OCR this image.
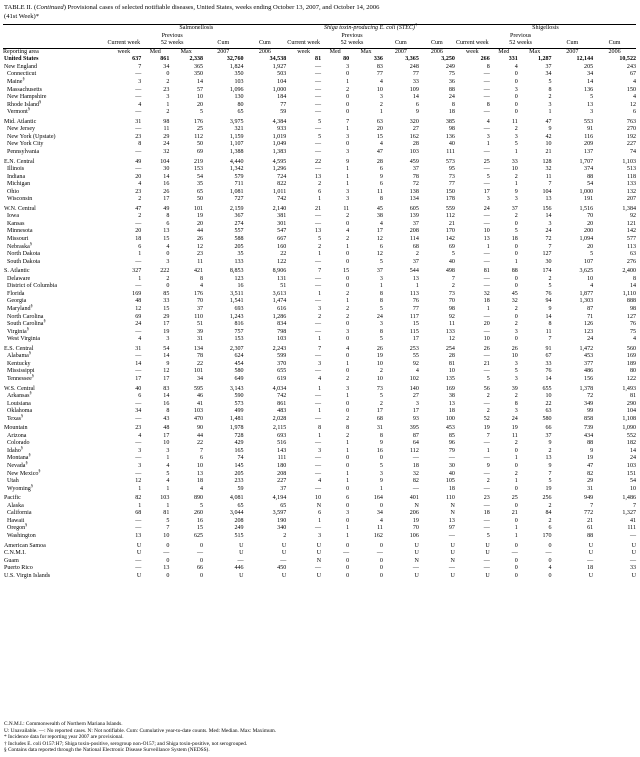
TABLE II. (Continued) Provisional cases of selected notifiable diseases, United States, weeks ending October 13, 2007, and October 14, 2006
(41st Week)*
	Salmonellosis					Shiga toxin-producing E. coli (STEC)†					Shigellosis				
		Previous					Previous					Previous			
	Current week	52 weeks		Cum	Cum	Current week	52 weeks		Cum	Cum	Current week	52 weeks		Cum	Cum
Reporting area	week	Med	Max	2007	2006	week	Med	Max	2007	2006	week	Med	Max	2007	2006
United States	637	861	2,338	32,760	34,538	81	80	336	3,365	3,250	266	331	1,287	12,144	10,522
New England	7	34	365	1,824	1,927	—	3	83	248	249	8	4	37	205	243
Connecticut	—	0	350	350	503	—	0	77	77	75	—	0	34	34	67
Maine§	3	2	14	103	104	—	1	4	33	36	—	0	5	14	4
Massachusetts	—	23	57	1,096	1,000	—	2	10	109	88	—	3	8	136	150
New Hampshire	—	3	10	130	184	—	0	3	14	24	—	0	2	5	4
Rhode Island§	4	1	20	80	77	—	0	2	6	8	8	0	3	13	12
Vermont§	—	2	5	65	59	—	0	1	9	18	—	0	1	3	6

Mid. Atlantic	31	98	176	3,975	4,384	5	7	63	320	385	4	11	47	553	763
New Jersey	—	11	25	321	933	—	1	20	27	98	—	2	9	91	270
New York (Upstate)	23	29	112	1,159	1,019	5	3	15	162	136	3	3	42	116	192
New York City	8	24	50	1,107	1,049	—	0	4	28	40	1	5	10	209	227
Pennsylvania	—	32	69	1,388	1,383	—	3	47	103	111	—	1	21	137	74

E.N. Central	49	104	219	4,440	4,595	22	9	28	459	573	25	33	128	1,707	1,103
Illinois	—	30	153	1,342	1,296	—	1	6	37	95	—	10	32	374	513
Indiana	20	14	54	579	724	13	1	9	78	73	5	2	11	88	118
Michigan	4	16	35	711	822	2	1	6	72	77	—	1	7	54	133
Ohio	23	26	65	1,081	1,011	6	3	11	138	150	17	9	104	1,000	132
Wisconsin	2	17	50	727	742	1	3	8	134	178	3	3	13	191	207

W.N. Central	47	49	101	2,159	2,140	21	11	45	605	559	24	37	156	1,516	1,384
Iowa	2	8	19	367	381	—	2	38	139	112	—	2	14	70	92
Kansas	—	6	20	274	301	—	0	4	37	21	—	0	3	20	121
Minnesota	20	13	44	557	547	13	4	17	208	170	10	5	24	200	142
Missouri	18	15	26	588	667	5	2	12	114	142	13	18	72	1,094	577
Nebraska§	6	4	12	205	160	2	1	6	68	69	1	0	7	20	113
North Dakota	1	0	23	35	22	1	0	12	2	5	—	0	127	5	63
South Dakota	—	3	11	133	122	—	0	5	37	40	—	1	30	107	276

S. Atlantic	327	222	421	8,853	8,906	7	15	37	544	498	81	88	174	3,625	2,400
Delaware	1	2	8	123	131	—	0	3	13	7	—	0	2	10	8
District of Columbia	—	0	4	16	51	—	0	1	1	2	—	0	5	4	14
Florida	169	85	176	3,511	3,613	1	2	8	113	73	32	45	76	1,877	1,110
Georgia	48	33	70	1,541	1,474	—	1	8	76	70	18	32	94	1,303	888
Maryland§	12	15	37	693	616	3	2	5	77	98	1	2	9	87	98
North Carolina	69	29	110	1,243	1,286	2	2	24	117	92	—	0	14	71	127
South Carolina§	24	17	51	816	834	—	0	3	15	11	20	2	8	126	76
Virginia§	—	19	39	757	798	—	3	8	115	133	—	3	11	123	75
West Virginia	4	3	31	153	103	1	0	5	17	12	10	0	7	24	4

E.S. Central	31	54	134	2,307	2,243	7	4	26	253	254	26	26	91	1,472	560
Alabama§	—	14	78	624	599	—	0	19	55	28	—	10	67	453	169
Kentucky	14	9	22	454	370	3	1	10	92	81	21	3	33	377	189
Mississippi	—	12	101	580	655	—	0	2	4	10	—	5	76	486	80
Tennessee§	17	17	34	649	619	4	2	10	102	135	5	3	14	156	122

W.S. Central	40	83	595	3,143	4,034	1	3	73	140	169	56	39	655	1,378	1,493
Arkansas§	6	14	46	590	742	—	1	5	27	38	2	2	10	72	81
Louisiana	—	16	41	573	861	—	0	2	3	13	—	8	22	349	290
Oklahoma	34	8	103	499	483	1	0	17	17	18	2	3	63	99	104
Texas§	—	43	470	1,481	2,028	—	2	68	93	100	52	24	580	858	1,108

Mountain	23	48	90	1,978	2,115	8	8	31	395	453	19	19	66	739	1,090
Arizona	4	17	44	728	693	1	2	8	87	85	7	11	37	434	552
Colorado	—	10	22	429	516	—	1	9	64	96	—	2	9	88	182
Idaho§	3	3	7	165	143	3	1	16	112	79	1	0	2	9	14
Montana§	—	1	6	74	111	—	0	0	—	—	—	1	13	19	24
Nevada§	3	4	10	145	180	—	0	5	18	30	9	0	9	47	103
New Mexico§	—	5	13	205	208	—	1	3	32	40	—	2	7	82	151
Utah	12	4	18	233	227	4	1	9	82	105	2	1	5	29	54
Wyoming§	1	1	4	59	37	—	0	1	—	18	—	0	19	31	10

Pacific	82	103	890	4,081	4,194	10	6	164	401	110	23	25	256	949	1,486
Alaska	1	1	5	65	65	N	0	0	N	N	—	0	2	7	7
California	68	81	260	3,044	3,597	6	3	34	206	N	18	21	84	772	1,327
Hawaii	—	5	16	208	190	1	0	4	19	13	—	0	2	21	41
Oregon§	—	7	15	249	340	—	1	11	70	97	—	1	6	61	111
Washington	13	10	625	515	2	3	1	162	106	—	5	1	170	88	—

American Samoa	U	0	0	U	U	U	0	0	U	U	U	0	0	U	U
C.N.M.I.	U	—	—	U	U	U	—	—	U	U	U	—	—	U	U
Guam	—	0	0	—	—	N	0	0	N	N	—	0	0	—	—
Puerto Rico	—	13	66	446	450	—	0	0	—	—	—	0	4	18	33
U.S. Virgin Islands	U	0	0	U	U	U	0	0	U	U	U	0	0	U	U
C.N.M.I.: Commonwealth of Northern Mariana Islands.
U: Unavailable. —: No reported cases. N: Not notifiable. Cum: Cumulative year-to-date counts. Med: Median. Max: Maximum.
* Incidence data for reporting year 2007 are provisional.
† Includes E. coli O157:H7; Shiga toxin-positive, serogroup non-O157; and Shiga toxin-positive, not serogrouped.
§ Contains data reported through the National Electronic Disease Surveillance System (NEDSS).
